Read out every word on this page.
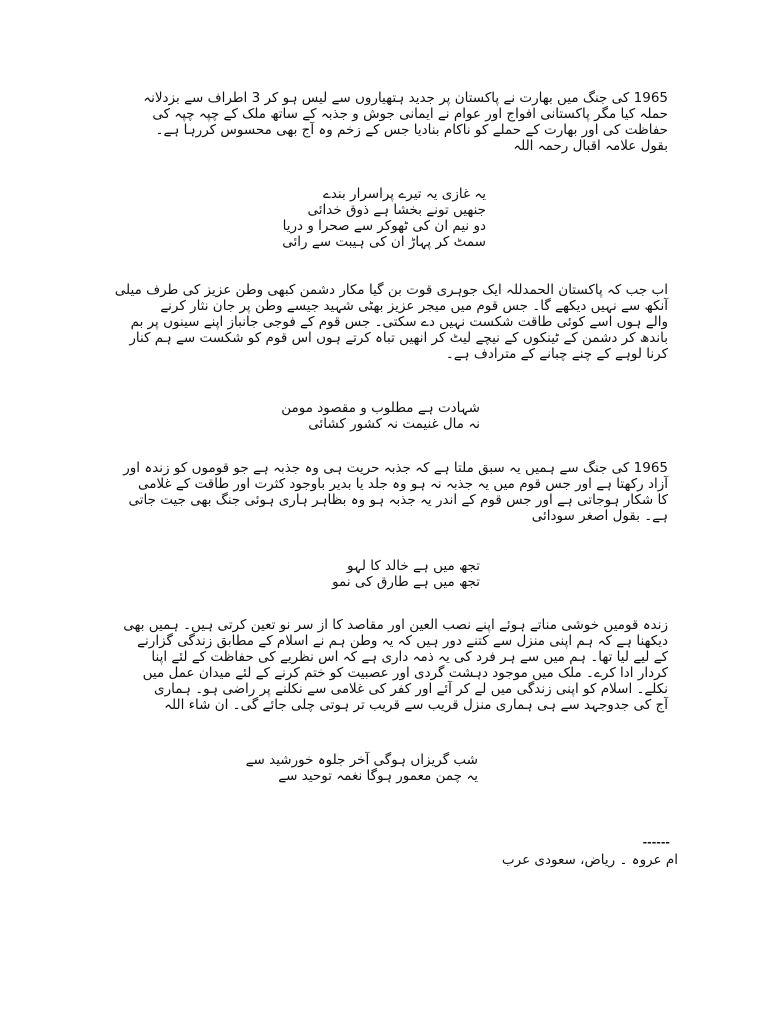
1965 کی جنگ میں بھارت نے پاکستان پر جدید ہتھیاروں سے لیس ہو کر 3 اطراف سے بزدلانہ
حملہ کیا مگر پاکستانی افواج اور عوام نے ایمانی جوش و جذبہ کے ساتھ ملک کے چپہ چپہ کی
حفاظت کی اور بھارت کے حملے کو ناکام بنادیا جس کے زخم وہ آج بھی محسوس کررہا ہے۔
بقول علامہ اقبال رحمہ اللہ
یہ غازی یہ تیرے پراسرار بندے
جنھیں تونے بخشا ہے ذوق خدائی
دو نیم ان کی ٹھوکر سے صحرا و دریا
سمٹ کر پہاڑ ان کی ہیبت سے رائی
اب جب کہ پاکستان الحمدللہ ایک جوہری قوت بن گیا مکار دشمن کبھی وطن عزیز کی طرف میلی
آنکھ سے نہیں دیکھے گا۔ جس قوم میں میجر عزیز بھٹی شہید جیسے وطن پر جان نثار کرنے
والے ہوں اسے کوئی طاقت شکست نہیں دے سکتی۔ جس قوم کے فوجی جانباز اپنے سینوں پر بم
باندھ کر دشمن کے ٹینکوں کے نیچے لیٹ کر انھیں تباہ کرتے ہوں اس قوم کو شکست سے ہم کنار
کرنا لوہے کے چنے چبانے کے مترادف ہے۔
شہادت ہے مطلوب و مقصود مومن
نہ مال غنیمت نہ کشور کشائی
1965 کی جنگ سے ہمیں یہ سبق ملتا ہے کہ جذبہ حریت ہی وہ جذبہ ہے جو قوموں کو زندہ اور
آزاد رکھتا ہے اور جس قوم میں یہ جذبہ نہ ہو وہ جلد یا بدیر باوجود کثرت اور طاقت کے غلامی
کا شکار ہوجاتی ہے اور جس قوم کے اندر یہ جذبہ ہو وہ بظاہر ہاری ہوئی جنگ بھی جیت جاتی
ہے۔ بقول اصغر سودائی
تجھ میں ہے خالد کا لہو
تجھ میں ہے طارق کی نمو
زندہ قومیں خوشی مناتے ہوئے اپنے نصب العین اور مقاصد کا از سر نو تعین کرتی ہیں۔ ہمیں بھی
دیکھنا ہے کہ ہم اپنی منزل سے کتنے دور ہیں کہ یہ وطن ہم نے اسلام کے مطابق زندگی گزارنے
کے لیے لیا تھا۔ ہم میں سے ہر فرد کی یہ ذمہ داری ہے کہ اس نظریے کی حفاظت کے لئے اپنا
کردار ادا کرے۔ ملک میں موجود دہشت گردی اور عصبیت کو ختم کرنے کے لئے میدان عمل میں
نکلے۔ اسلام کو اپنی زندگی میں لے کر آئے اور کفر کی غلامی سے نکلنے پر راضی ہو۔ ہماری
آج کی جدوجہد سے ہی ہماری منزل قریب سے قریب تر ہوتی چلی جائے گی۔ ان شاء اللہ
شب گریزاں ہوگی آخر جلوہ خورشید سے
یہ چمن معمور ہوگا نغمہ توحید سے
------
ام عروہ ۔ ریاض، سعودی عرب
